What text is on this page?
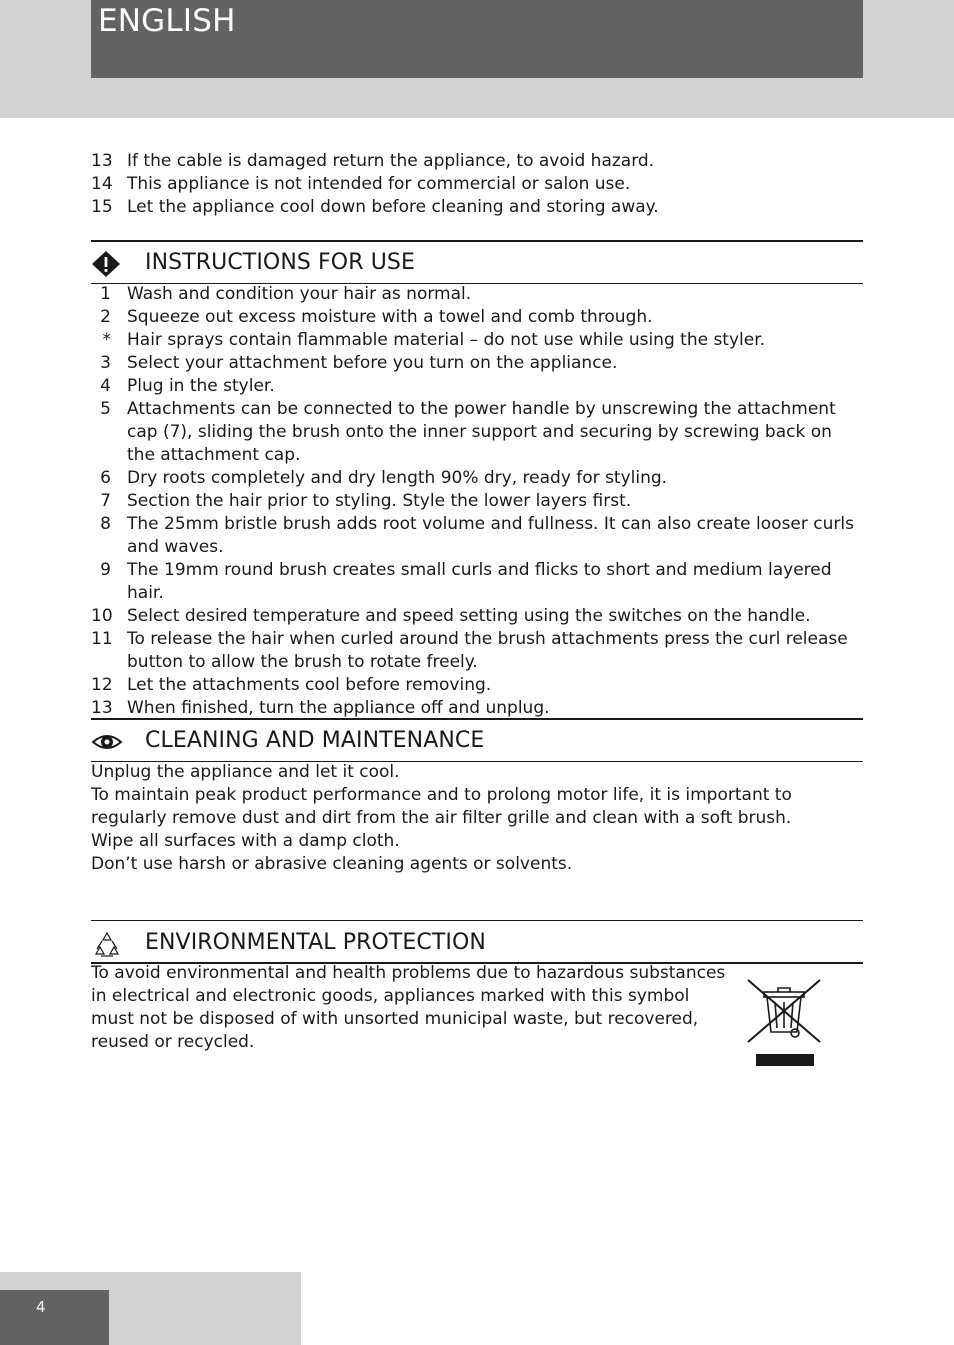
ENGLISH
13 If the cable is damaged return the appliance, to avoid hazard.
14 This appliance is not intended for commercial or salon use.
15 Let the appliance cool down before cleaning and storing away.
INSTRUCTIONS FOR USE
1 Wash and condition your hair as normal.
2 Squeeze out excess moisture with a towel and comb through.
* Hair sprays contain flammable material – do not use while using the styler.
3 Select your attachment before you turn on the appliance.
4 Plug in the styler.
5 Attachments can be connected to the power handle by unscrewing the attachment cap (7), sliding the brush onto the inner support and securing by screwing back on the attachment cap.
6 Dry roots completely and dry length 90% dry, ready for styling.
7 Section the hair prior to styling. Style the lower layers first.
8 The 25mm bristle brush adds root volume and fullness. It can also create looser curls and waves.
9 The 19mm round brush creates small curls and flicks to short and medium layered hair.
10 Select desired temperature and speed setting using the switches on the handle.
11 To release the hair when curled around the brush attachments press the curl release button to allow the brush to rotate freely.
12 Let the attachments cool before removing.
13 When finished, turn the appliance off and unplug.
CLEANING AND MAINTENANCE

Unplug the appliance and let it cool.

To maintain peak product performance and to prolong motor life, it is important to regularly remove dust and dirt from the air filter grille and clean with a soft brush.

Wipe all surfaces with a damp cloth.

Don’t use harsh or abrasive cleaning agents or solvents.

ENVIRONMENTAL PROTECTION

To avoid environmental and health problems due to hazardous substances in electrical and electronic goods, appliances marked with this symbol must not be disposed of with unsorted municipal waste, but recovered, reused or recycled.

4
